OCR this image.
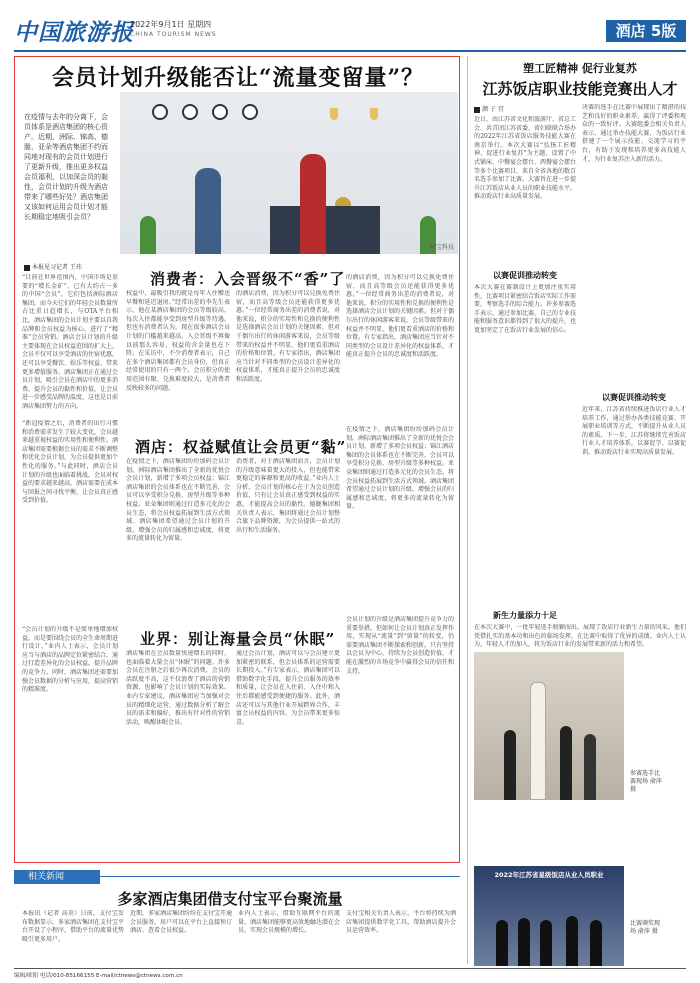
中国旅游报
2022年9月1日 星期四
CHINA TOURISM NEWS	酒店 5版
会员计划升级能否让“流量变留量”？
阿宝科技
在疫情与去年的分离下，会员体系是酒店集团的核心资产。近期，洲际、锦高、德胧、亚朵等酒店集团不约而同地对现有的会员计划进行了更新升级，推出更多权益会员福利，以加深会员的黏性，会员计划的升级为酒店带来了哪些好处？酒店集团又该如何运用会员计划才能长期稳定地吸引会员？
本报见习记者 王玮
“目前在世界范围内，中国市场是重要的“增长金矿”，已有大约占一多的中国“会员”，它们包括洲际酒店集团，而今天它们的年轻会员数量所占比重日趋增长，与OTA平台相比，酒店集团的会员计划主要以自我品牌和会员权益为核心，进行了“精准”会员营销。酒店会员计划的升级主要体现在会员权益范围的扩大上，会员不仅可以享受酒店的住宿优惠，还可以享受餐饮、娱乐等权益，带来更多增值服务。酒店集团正在通过会员计划，吸引会员在酒店中的更多消费，提升会员的黏性和价值，让会员进一步感受品牌的温度，这也是目前酒店集团努力的方向。
“新冠疫情之后，消费者的出行习惯和消费需求发生了较大变化，会员越来越重视权益的实用性和便利性。酒店集团需要根据会员的需求不断调整和优化会员计划，为会员提供更加个性化的服务。”与此同时，酒店会员计划的升级也面临着挑战，会员对权益的要求越来越高，酒店需要在成本与回报之间寻找平衡，让会员真正感受到价值。
“会员计划的升级不是简单地增加权益，而是要围绕会员的全生命周期进行设计。”业内人士表示，会员计划应当与酒店的品牌定位紧密结合，通过打造差异化的会员权益，提升品牌的竞争力。同时，酒店集团还需要加强会员数据的分析与应用，提高营销的精准度。
消费者：入会晋级不“香”了
权益中，最吸引我的就是每年入住赠送早餐和延迟退房。”经常出差的李先生表示，他在某酒店集团的会员等级较高，每次入住都能享受到房型升级等待遇。但也有消费者认为，现在很多酒店会员计划的门槛越来越高，入会晋级不再像以前那么容易，权益的含金量也在下降。在采访中，不少消费者表示，自己在多个酒店集团都有会员身份，但真正经常使用的只有一两个。会员积分的使用范围有限、兑换难度较大，是消费者反映较多的问题。
的酒店消费，因为积分可以兑换免费住宿，而且高等级会员还能获得更多优惠。”一位经常商务出差的消费者说，对他来说，积分的实用性和兑换的便利性是选择酒店会员计划的关键因素。但对于偶尔出行的休闲游客来说，会员等级带来的权益并不明显，他们更看重酒店的价格和位置。有专家指出，酒店集团应当针对不同类型的会员设计差异化的权益体系，才能真正提升会员的忠诚度和活跃度。
的酒店消费，因为积分可以兑换免费住宿，而且高等级会员还能获得更多优惠。”一位经常商务出差的消费者说，对他来说，积分的实用性和兑换的便利性是选择酒店会员计划的关键因素。但对于偶尔出行的休闲游客来说，会员等级带来的权益并不明显，他们更看重酒店的价格和位置。有专家指出，酒店集团应当针对不同类型的会员设计差异化的权益体系，才能真正提升会员的忠诚度和活跃度。
酒店：权益赋值让会员更“黏”
在疫情之下，酒店集团纷纷加码会员计划。洲际酒店集团推出了全新的优悦会会员计划，新增了多项会员权益；锦江酒店集团的会员体系也在不断完善，会员可以享受积分兑换、房型升级等多种权益。亚朵集团则通过打造多元化的会员生态，将会员权益拓展到生活方式领域。酒店集团希望通过会员计划的升级，增强会员的归属感和忠诚度，将更多的流量转化为留量。
消费者，对于酒店集团而言，会员计划的升级意味着更大的投入，但也能带来更稳定的客源和更高的收益。”业内人士分析，会员计划的核心在于为会员创造价值，只有让会员真正感受到权益的实惠，才能提高会员的黏性。德胧集团相关负责人表示，集团将通过会员计划整合旗下品牌资源，为会员提供一站式的出行和生活服务。
在疫情之下，酒店集团纷纷加码会员计划。洲际酒店集团推出了全新的优悦会会员计划，新增了多项会员权益；锦江酒店集团的会员体系也在不断完善，会员可以享受积分兑换、房型升级等多种权益。亚朵集团则通过打造多元化的会员生态，将会员权益拓展到生活方式领域。酒店集团希望通过会员计划的升级，增强会员的归属感和忠诚度，将更多的流量转化为留量。
业界：别让海量会员“休眠”
酒店集团在会员数量快速增长的同时，也面临着大量会员“休眠”的问题。许多会员在注册之后很少再次消费，会员的活跃度不高，这不仅浪费了酒店的营销资源，也影响了会员计划的实际效果。业内专家建议，酒店集团应当加强对会员的精细化运营，通过数据分析了解会员的需求和偏好，推出有针对性的营销活动，唤醒休眠会员。
通过会员计划，酒店可以与会员建立更加紧密的联系，但会员体系的运营需要长期投入。”有专家表示，酒店集团可以借助数字化手段，提升会员服务的效率和质量，让会员在入住前、入住中和入住后都能感受到便捷的服务。此外，酒店还可以与其他行业开展跨界合作，丰富会员权益的内容，为会员带来更多惊喜。
会员计划的升级是酒店集团提升竞争力的重要举措，但如何让会员计划真正发挥作用，实现从“流量”到“留量”的转变，仍需要酒店集团不断探索和创新。只有坚持以会员为中心，持续为会员创造价值，才能在激烈的市场竞争中赢得会员的信任和支持。
塑工匠精神 促行业复苏
江苏饭店职业技能竞赛出人才
颜 子 宜
近日，由江苏省文化和旅游厅、省总工会、共青团江苏省委、省妇联联合举办的2022年江苏省饭店服务技能大赛在南京举行。本次大赛以“弘扬工匠精神、促进行业复苏”为主题，设置了中式铺床、中餐宴会摆台、西餐宴会摆台等多个比赛项目，来自全省各地的数百名选手参加了比赛。大赛旨在进一步提升江苏饭店从业人员的职业技能水平，推动饭店行业高质量发展。
决赛的选手在比赛中展现出了精湛的技艺和良好的职业素养，赢得了评委和观众的一致好评。大赛组委会相关负责人表示，通过举办技能大赛，为饭店行业搭建了一个展示技能、交流学习的平台，有助于发现和培养更多高技能人才，为行业复苏注入新的活力。
以赛促训推动转变
本次大赛在赛制设计上更加注重实用性，比赛项目紧密结合饭店实际工作需要，考察选手的综合能力。许多参赛选手表示，通过参加比赛，自己的专业技能和服务意识都得到了很大的提升，也更加坚定了在饭店行业发展的信心。
以赛促训推动转变
近年来，江苏省持续推进饭店行业人才培养工作，通过举办各类技能竞赛、开展职业培训等方式，不断提升从业人员的素质。下一步，江苏将继续完善饭店行业人才培养体系，以赛促学、以赛促训，推动饭店行业实现高质量发展。
新生力量添力十足
在本次大赛中，一批年轻选手脱颖而出，展现了饭店行业新生力量的风采。他们凭借扎实的基本功和出色的临场发挥，在比赛中取得了优异的成绩。业内人士认为，年轻人才的加入，将为饭店行业的发展带来新的活力和希望。
参赛选手比赛现场 俞萍 摄
2022年江苏省星级饭店从业人员职业
比赛颁奖现场 俞萍 摄
相关新闻
多家酒店集团借支付宝平台聚流量
本报讯（记者 高莫）日前，支付宝发布数据显示，多家酒店集团在支付宝平台开设了小程序，借助平台的流量优势吸引更多用户。
近期，多家酒店集团纷纷在支付宝开通会员服务，用户可以在平台上直接预订酒店、查看会员权益。
业内人士表示，借助互联网平台的流量，酒店集团能够更高效地触达潜在会员，实现会员规模的增长。
支付宝相关负责人表示，平台将持续为酒店集团提供数字化工具，帮助酒店提升会员运营效率。
编辑/欧阳 电话/010-85166155 E-mail/ctnews@ctnews.com.cn
